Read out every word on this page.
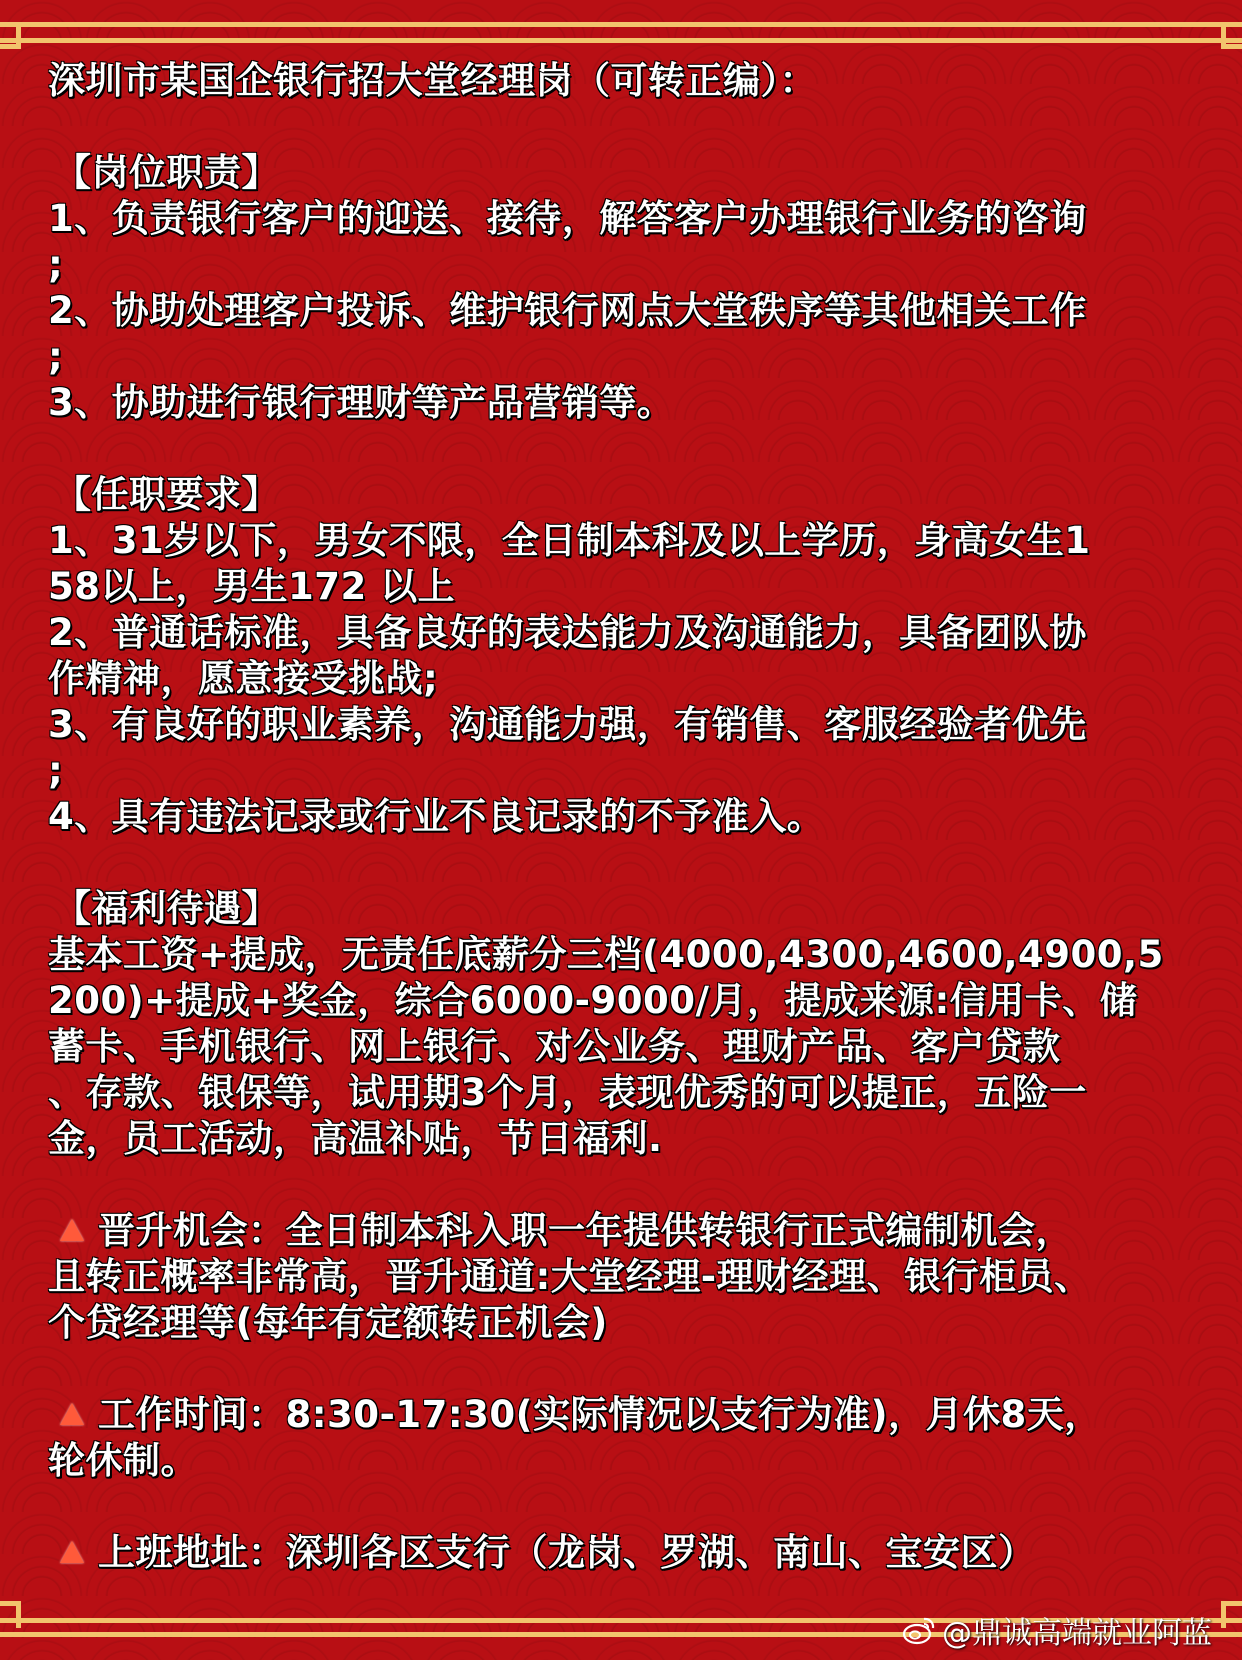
深圳市某国企银行招大堂经理岗（可转正编）：
【岗位职责】
1、负责银行客户的迎送、接待，解答客户办理银行业务的咨询
;
2、协助处理客户投诉、维护银行网点大堂秩序等其他相关工作
;
3、协助进行银行理财等产品营销等。
【任职要求】
1、31岁以下，男女不限，全日制本科及以上学历，身高女生1
58以上，男生172 以上
2、普通话标准，具备良好的表达能力及沟通能力，具备团队协
作精神，愿意接受挑战;
3、有良好的职业素养，沟通能力强，有销售、客服经验者优先
;
4、具有违法记录或行业不良记录的不予准入。
【福利待遇】
基本工资+提成，无责任底薪分三档(4000,4300,4600,4900,5
200)+提成+奖金，综合6000-9000/月，提成来源:信用卡、储
蓄卡、手机银行、网上银行、对公业务、理财产品、客户贷款
、存款、银保等，试用期3个月，表现优秀的可以提正，五险一
金，员工活动，高温补贴，节日福利.
晋升机会：全日制本科入职一年提供转银行正式编制机会，
且转正概率非常高，晋升通道:大堂经理-理财经理、银行柜员、
个贷经理等(每年有定额转正机会)
工作时间：8:30-17:30(实际情况以支行为准)，月休8天，
轮休制。
上班地址：深圳各区支行（龙岗、罗湖、南山、宝安区）
@鼎诚高端就业阿蓝
